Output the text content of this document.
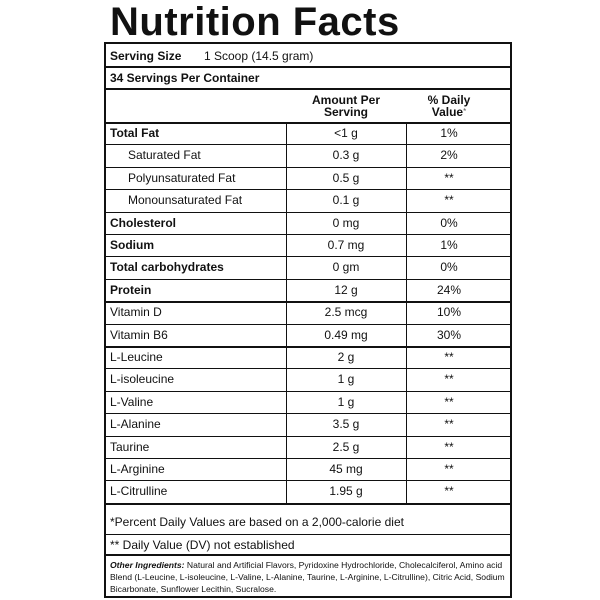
Nutrition Facts
Serving Size 1 Scoop (14.5 gram)
34 Servings Per Container
Amount Per
Serving
% Daily
Value*
Total Fat	<1 g	1%
Saturated Fat	0.3 g	2%
Polyunsaturated Fat	0.5 g	**
Monounsaturated Fat	0.1 g	**
Cholesterol	0 mg	0%
Sodium	0.7 mg	1%
Total carbohydrates	0 gm	0%
Protein	12 g	24%
Vitamin D	2.5 mcg	10%
Vitamin B6	0.49 mg	30%
L-Leucine	2 g	**
L-isoleucine	1 g	**
L-Valine	1 g	**
L-Alanine	3.5 g	**
Taurine	2.5 g	**
L-Arginine	45 mg	**
L-Citrulline	1.95 g	**
*Percent Daily Values are based on a 2,000-calorie diet
** Daily Value (DV) not established
Other Ingredients: Natural and Artificial Flavors, Pyridoxine Hydrochloride, Cholecalciferol, Amino acid Blend (L-Leucine, L-isoleucine, L-Valine, L-Alanine, Taurine, L-Arginine, L-Citrulline), Citric Acid, Sodium Bicarbonate, Sunflower Lecithin, Sucralose.
